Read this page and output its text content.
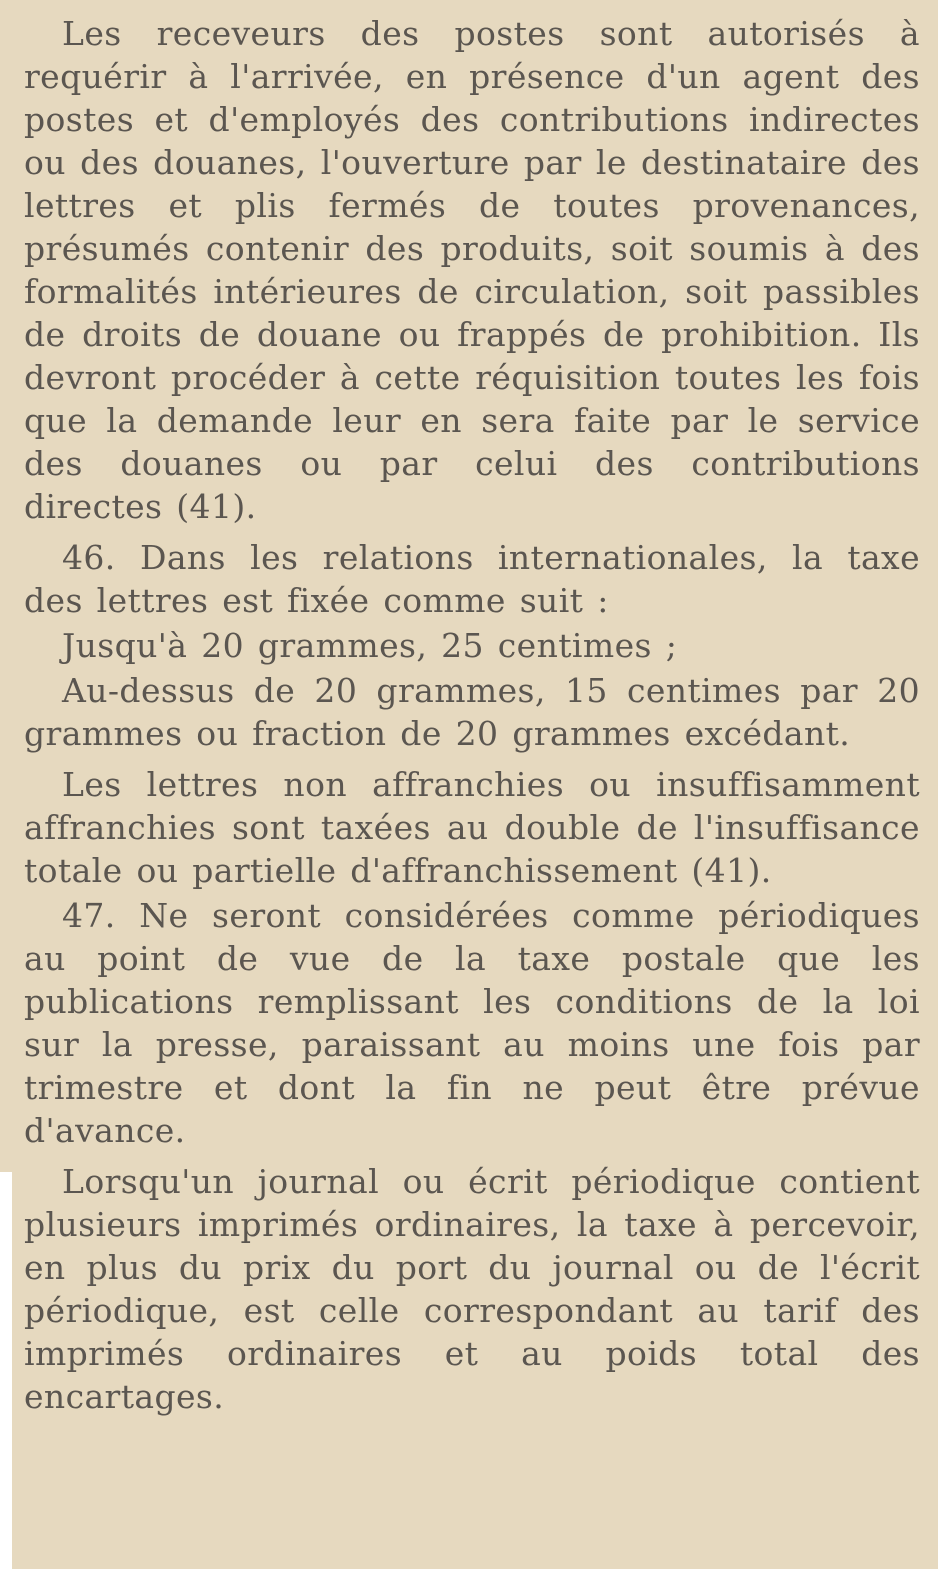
Les receveurs des postes sont autorisés à requérir à l'arrivée, en présence d'un agent des postes et d'employés des contributions indirectes ou des douanes, l'ouverture par le destinataire des lettres et plis fermés de toutes provenances, présumés contenir des produits, soit soumis à des formalités intérieures de circulation, soit passibles de droits de douane ou frappés de prohibition. Ils devront procéder à cette réquisition toutes les fois que la demande leur en sera faite par le service des douanes ou par celui des contributions directes (41).

46. Dans les relations internationales, la taxe des lettres est fixée comme suit :

Jusqu'à 20 grammes, 25 centimes ;

Au-dessus de 20 grammes, 15 centimes par 20 grammes ou fraction de 20 grammes excédant.

Les lettres non affranchies ou insuffisamment affranchies sont taxées au double de l'insuffisance totale ou partielle d'affranchissement (41).

47. Ne seront considérées comme périodiques au point de vue de la taxe postale que les publications remplissant les conditions de la loi sur la presse, paraissant au moins une fois par trimestre et dont la fin ne peut être prévue d'avance.

Lorsqu'un journal ou écrit périodique contient plusieurs imprimés ordinaires, la taxe à percevoir, en plus du prix du port du journal ou de l'écrit périodique, est celle correspondant au tarif des imprimés ordinaires et au poids total des encartages.
